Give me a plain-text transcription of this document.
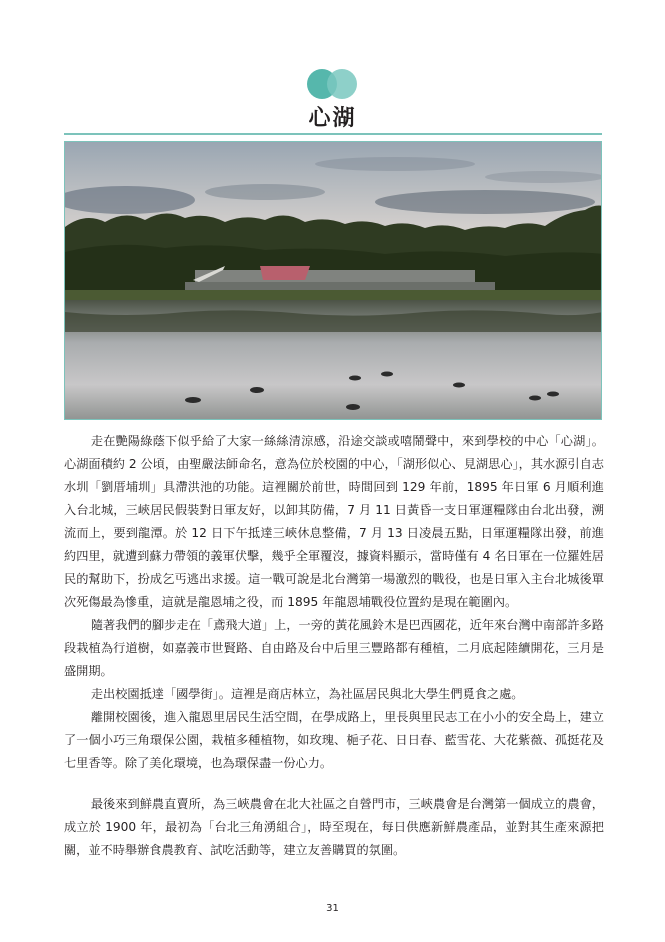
心湖

走在艷陽綠蔭下似乎給了大家一絲絲清涼感，沿途交談或嘻鬧聲中，來到學校的中心「心湖」。心湖面積約 2 公頃，由聖嚴法師命名，意為位於校園的中心，「湖形似心、見湖思心」，其水源引自志水圳「劉厝埔圳」具滯洪池的功能。這裡關於前世，時間回到 129 年前，1895 年日軍 6 月順利進入台北城，三峽居民假裝對日軍友好，以卸其防備，7 月 11 日黃昏一支日軍運糧隊由台北出發，溯流而上，要到龍潭。於 12 日下午抵達三峽休息整備，7 月 13 日凌晨五點，日軍運糧隊出發，前進約四里，就遭到蘇力帶領的義軍伏擊，幾乎全軍覆沒，據資料顯示，當時僅有 4 名日軍在一位羅姓居民的幫助下，扮成乞丐逃出求援。這一戰可說是北台灣第一場激烈的戰役，也是日軍入主台北城後單次死傷最為慘重，這就是龍恩埔之役，而 1895 年龍恩埔戰役位置約是現在範圍內。

隨著我們的腳步走在「鳶飛大道」上，一旁的黃花風鈴木是巴西國花，近年來台灣中南部許多路段栽植為行道樹，如嘉義市世賢路、自由路及台中后里三豐路都有種植，二月底起陸續開花，三月是盛開期。

走出校園抵達「國學街」。這裡是商店林立，為社區居民與北大學生們覓食之處。

離開校園後，進入龍恩里居民生活空間，在學成路上，里長與里民志工在小小的安全島上，建立了一個小巧三角環保公園，栽植多種植物，如玫瑰、梔子花、日日春、藍雪花、大花紫薇、孤挺花及七里香等。除了美化環境，也為環保盡一份心力。

最後來到鮮農直賣所，為三峽農會在北大社區之自營門市，三峽農會是台灣第一個成立的農會，成立於 1900 年，最初為「台北三角湧組合」，時至現在，每日供應新鮮農產品，並對其生產來源把關，並不時舉辦食農教育、試吃活動等，建立友善購買的氛圍。

31
